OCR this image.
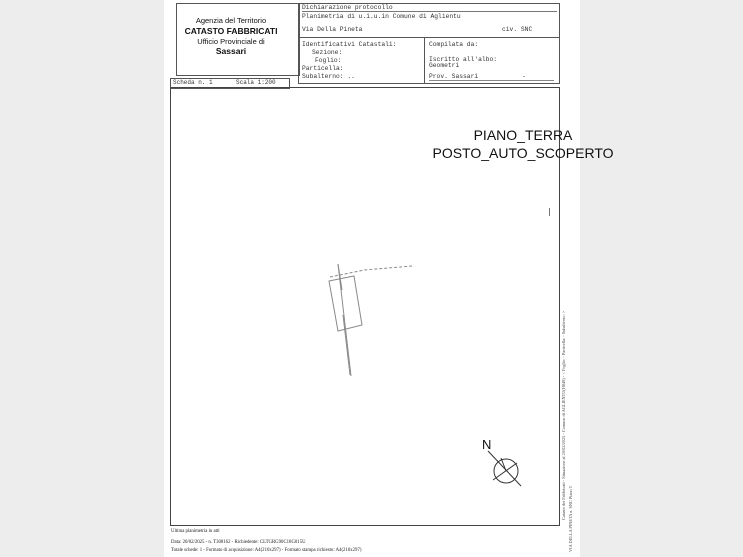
Agenzia del Territorio
CATASTO FABBRICATI
Ufficio Provinciale di
Sassari
Dichiarazione protocollo
Planimetria di u.i.u.in Comune di Aglientu
Via Della Pineta	civ. SNC
Identificativi Catastali:
Sezione:
Foglio:
Particella:
Subalterno: ..
Compilata da:
Iscritto all'albo:
Geometri
Prov. Sassari	-
Scheda n. 1	Scala 1:200
PIANO_TERRA
POSTO_AUTO_SCOPERTO
N	Catasto dei Fabbricati - Situazione al 20/02/2025 - Comune di AGLIENTU(H848) - < Foglio: - Particella: - Subalterno: > VIA DELLA PINETA n. SNC Piano T
Ultima planimetria in atti
Data: 20/02/2025 - n. T308162 - Richiedente: CLTGRG90C18G015U
Totale schede: 1 - Formato di acquisizione: A4(210x297) - Formato stampa richiesto: A4(210x297)
